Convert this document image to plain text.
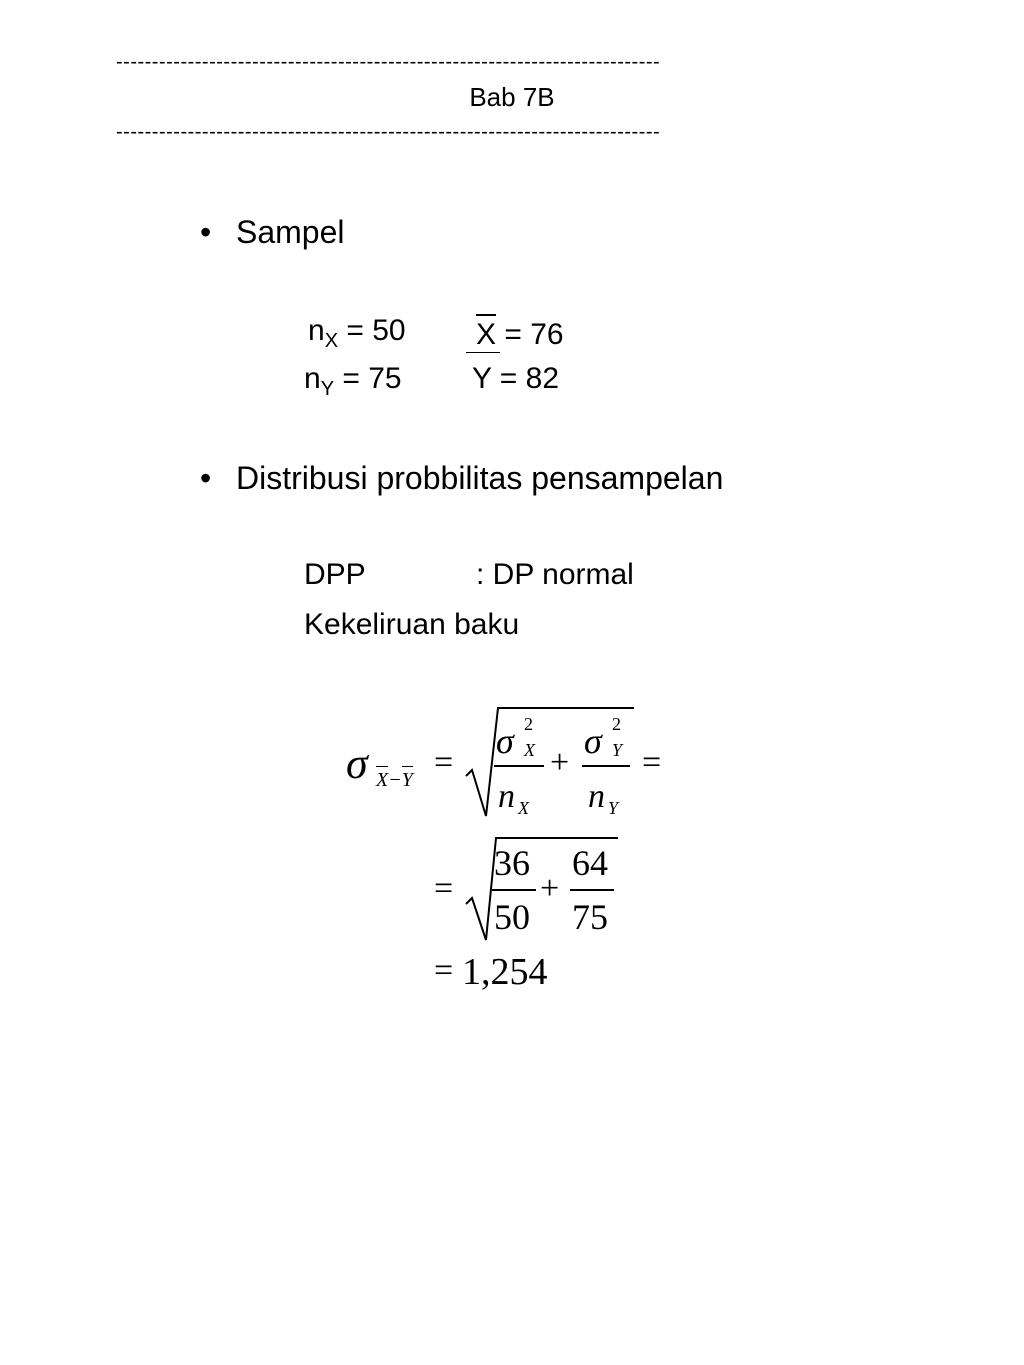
----------------------------------------------------------------------------
Bab 7B
----------------------------------------------------------------------------
• Sampel
$n_X = 50$ X = 76
$n_Y = 75$ Y = 82
• Distribusi probbilitas pensampelan
DPP	: DP normal
Kekeliruan baku
σ X−Y =
σ 2
X
n X
+
σ 2
Y
n Y
=
=
36
50
+
64
75
= 1,254
